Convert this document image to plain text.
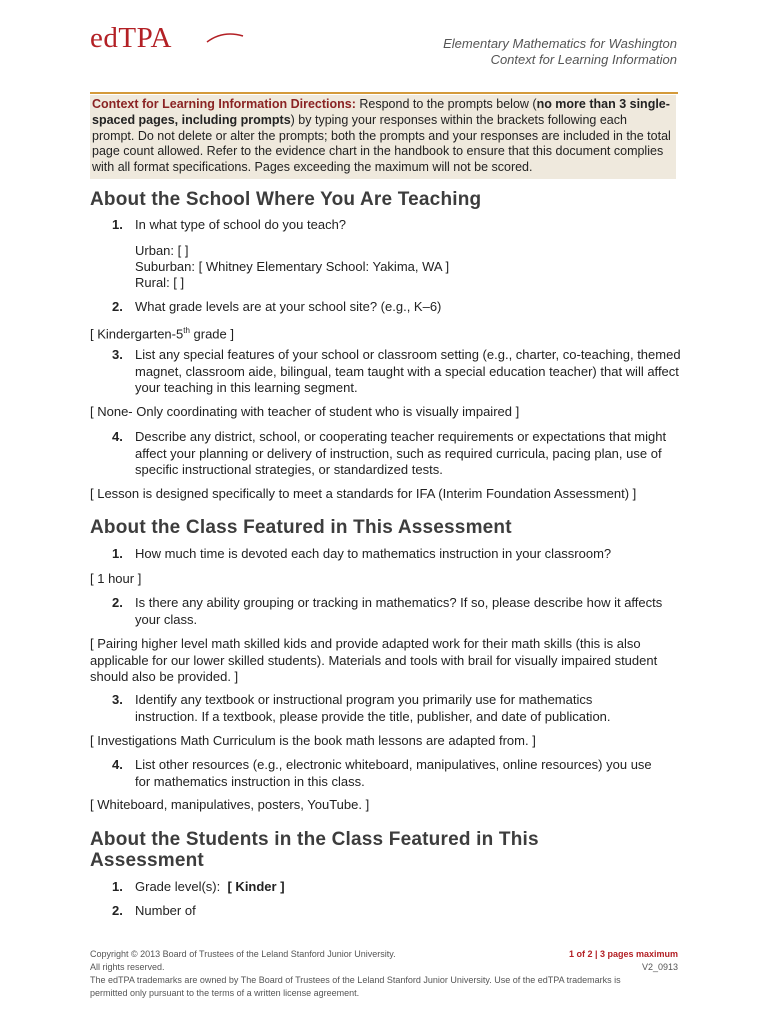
edTPA	Elementary Mathematics for Washington
Context for Learning Information
Context for Learning Information Directions: Respond to the prompts below (no more than 3 single-spaced pages, including prompts) by typing your responses within the brackets following each prompt. Do not delete or alter the prompts; both the prompts and your responses are included in the total page count allowed. Refer to the evidence chart in the handbook to ensure that this document complies with all format specifications. Pages exceeding the maximum will not be scored.
About the School Where You Are Teaching
1. In what type of school do you teach?
Urban: [ ]
Suburban: [ Whitney Elementary School: Yakima, WA ]
Rural: [ ]
2. What grade levels are at your school site? (e.g., K–6)
[ Kindergarten-5th grade ]
3. List any special features of your school or classroom setting (e.g., charter, co-teaching, themed magnet, classroom aide, bilingual, team taught with a special education teacher) that will affect your teaching in this learning segment.
[ None- Only coordinating with teacher of student who is visually impaired ]
4. Describe any district, school, or cooperating teacher requirements or expectations that might affect your planning or delivery of instruction, such as required curricula, pacing plan, use of specific instructional strategies, or standardized tests.
[ Lesson is designed specifically to meet a standards for IFA (Interim Foundation Assessment) ]
About the Class Featured in This Assessment
1. How much time is devoted each day to mathematics instruction in your classroom?
[ 1 hour ]
2. Is there any ability grouping or tracking in mathematics? If so, please describe how it affects your class.
[ Pairing higher level math skilled kids and provide adapted work for their math skills (this is also applicable for our lower skilled students). Materials and tools with brail for visually impaired student should also be provided. ]
3. Identify any textbook or instructional program you primarily use for mathematics instruction. If a textbook, please provide the title, publisher, and date of publication.
[ Investigations Math Curriculum is the book math lessons are adapted from. ]
4. List other resources (e.g., electronic whiteboard, manipulatives, online resources) you use for mathematics instruction in this class.
[ Whiteboard, manipulatives, posters, YouTube. ]
About the Students in the Class Featured in This Assessment
1. Grade level(s):  [ Kinder ]
2. Number of
1 of 2 | 3 pages maximum
V2_0913
Copyright © 2013 Board of Trustees of the Leland Stanford Junior University.
All rights reserved.
The edTPA trademarks are owned by The Board of Trustees of the Leland Stanford Junior University. Use of the edTPA trademarks is permitted only pursuant to the terms of a written license agreement.
